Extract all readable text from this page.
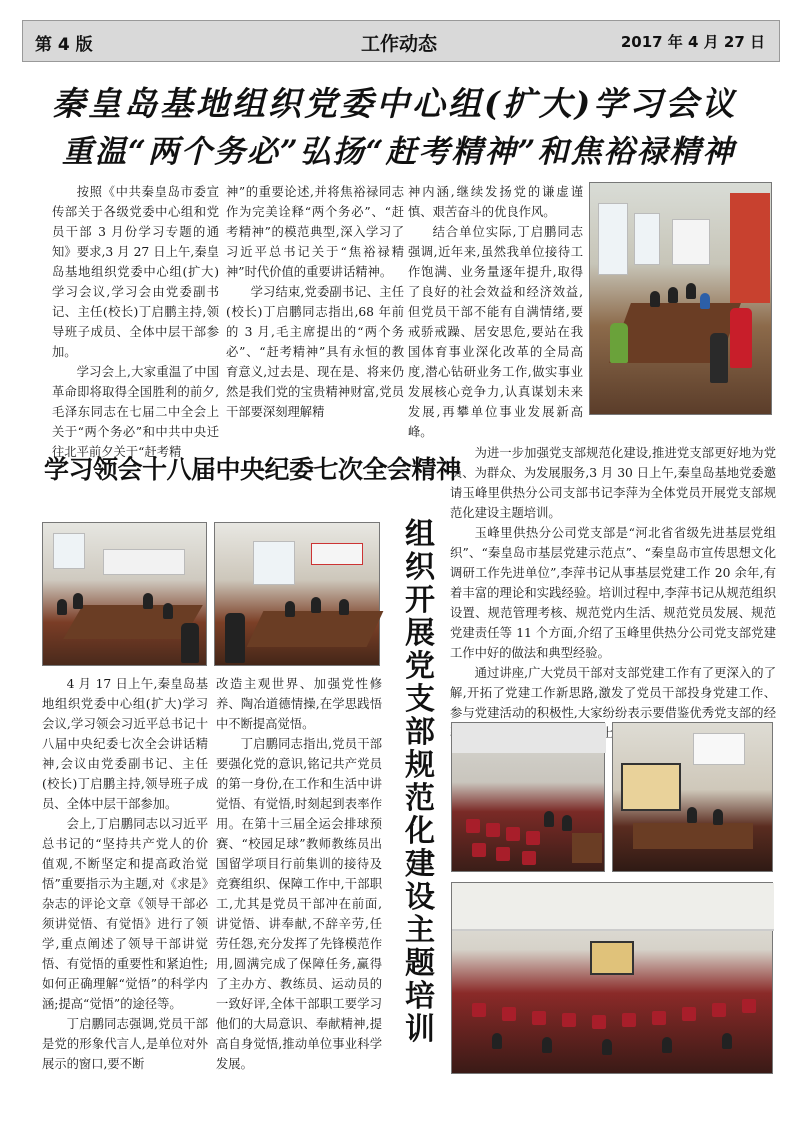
第 4 版	工作动态	2017 年 4 月 27 日
秦皇岛基地组织党委中心组(扩大)学习会议
重温“两个务必”弘扬“赶考精神”和焦裕禄精神

按照《中共秦皇岛市委宣传部关于各级党委中心组和党员干部 3 月份学习专题的通知》要求,3 月 27 日上午,秦皇岛基地组织党委中心组(扩大)学习会议,学习会由党委副书记、主任(校长)丁启鹏主持,领导班子成员、全体中层干部参加。

学习会上,大家重温了中国革命即将取得全国胜利的前夕,毛泽东同志在七届二中全会上关于“两个务必”和中共中央迁往北平前夕关于“赶考精

神”的重要论述,并将焦裕禄同志作为完美诠释“两个务必”、“赶考精神”的模范典型,深入学习了习近平总书记关于“焦裕禄精神”时代价值的重要讲话精神。

学习结束,党委副书记、主任(校长)丁启鹏同志指出,68 年前的 3 月,毛主席提出的“两个务必”、“赶考精神”具有永恒的教育意义,过去是、现在是、将来仍然是我们党的宝贵精神财富,党员干部要深刻理解精

神内涵,继续发扬党的谦虚谨慎、艰苦奋斗的优良作风。

结合单位实际,丁启鹏同志强调,近年来,虽然我单位接待工作饱满、业务量逐年提升,取得了良好的社会效益和经济效益,但党员干部不能有自满情绪,要戒骄戒躁、居安思危,要站在我国体育事业深化改革的全局高度,潜心钻研业务工作,做实事业发展核心竞争力,认真谋划未来发展,再攀单位事业发展新高峰。

学习领会十八届中央纪委七次全会精神

4 月 17 日上午,秦皇岛基地组织党委中心组(扩大)学习会议,学习领会习近平总书记十八届中央纪委七次全会讲话精神,会议由党委副书记、主任(校长)丁启鹏主持,领导班子成员、全体中层干部参加。

会上,丁启鹏同志以习近平总书记的“坚持共产党人的价值观,不断坚定和提高政治觉悟”重要指示为主题,对《求是》杂志的评论文章《领导干部必须讲觉悟、有觉悟》进行了领学,重点阐述了领导干部讲觉悟、有觉悟的重要性和紧迫性;如何正确理解“觉悟”的科学内涵;提高“觉悟”的途径等。

丁启鹏同志强调,党员干部是党的形象代言人,是单位对外展示的窗口,要不断

改造主观世界、加强党性修养、陶冶道德情操,在学思践悟中不断提高觉悟。

丁启鹏同志指出,党员干部要强化党的意识,铭记共产党员的第一身份,在工作和生活中讲觉悟、有觉悟,时刻起到表率作用。在第十三届全运会排球预赛、“校园足球”教师教练员出国留学项目行前集训的接待及竞赛组织、保障工作中,干部职工,尤其是党员干部冲在前面,讲觉悟、讲奉献,不辞辛劳,任劳任怨,充分发挥了先锋模范作用,圆满完成了保障任务,赢得了主办方、教练员、运动员的一致好评,全体干部职工要学习他们的大局意识、奉献精神,提高自身觉悟,推动单位事业科学发展。

组织开展党支部规范化建设主题培训

为进一步加强党支部规范化建设,推进党支部更好地为党员、为群众、为发展服务,3 月 30 日上午,秦皇岛基地党委邀请玉峰里供热分公司支部书记李萍为全体党员开展党支部规范化建设主题培训。

玉峰里供热分公司党支部是“河北省省级先进基层党组织”、“秦皇岛市基层党建示范点”、“秦皇岛市宣传思想文化调研工作先进单位”,李萍书记从事基层党建工作 20 余年,有着丰富的理论和实践经验。培训过程中,李萍书记从规范组织设置、规范管理考核、规范党内生活、规范党员发展、规范党建责任等 11 个方面,介绍了玉峰里供热分公司党支部党建工作中好的做法和典型经验。

通过讲座,广大党员干部对支部党建工作有了更深入的了解,开拓了党建工作新思路,激发了党员干部投身党建工作、参与党建活动的积极性,大家纷纷表示要借鉴优秀党支部的经 上
